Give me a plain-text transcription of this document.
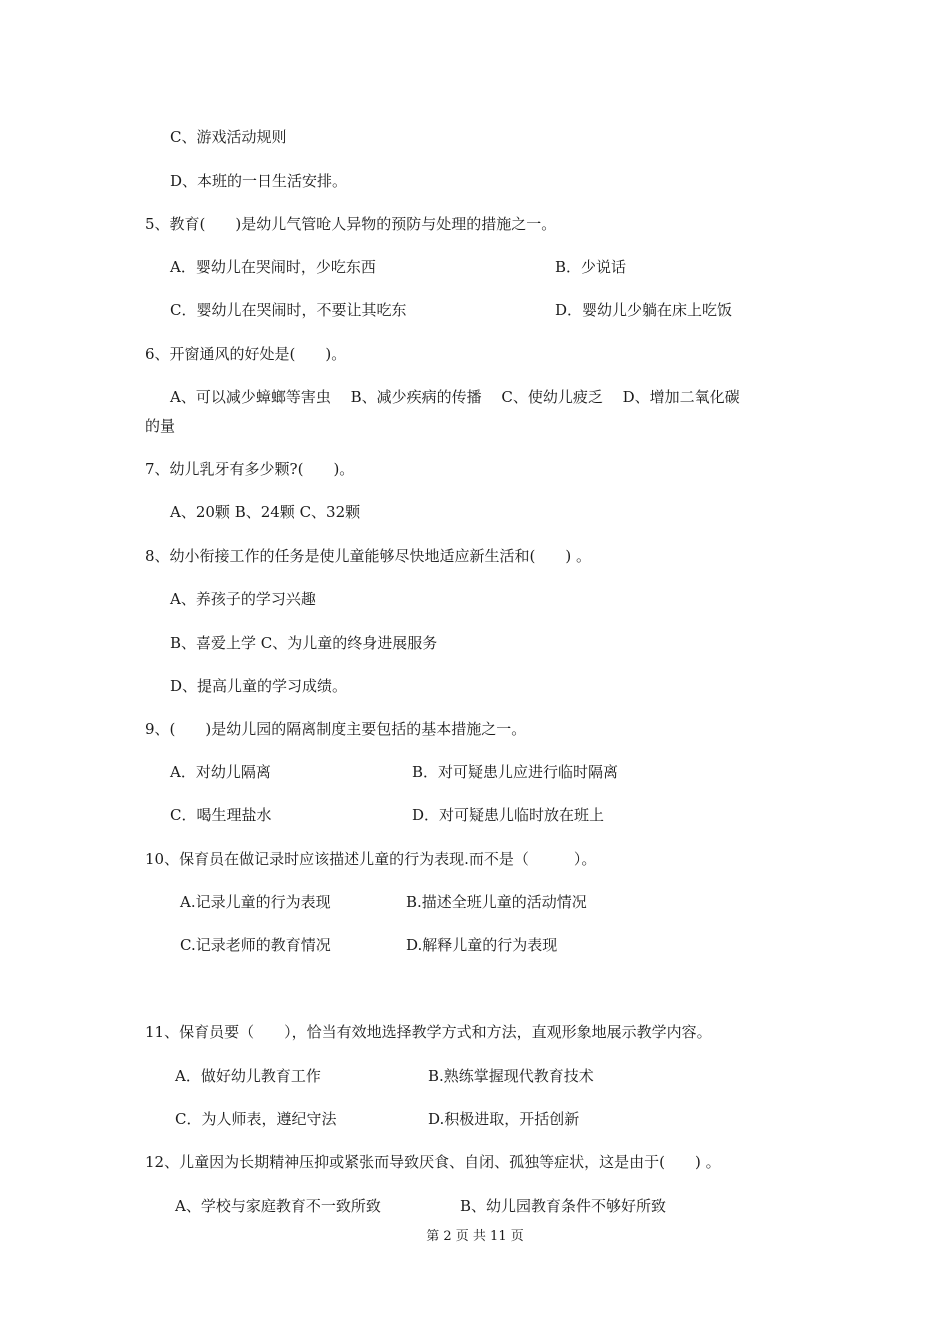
C、游戏活动规则
D、本班的一日生活安排。
5、教育(　　)是幼儿气管呛人异物的预防与处理的措施之一。
A．婴幼儿在哭闹时，少吃东西	B．少说话
C．婴幼儿在哭闹时，不要让其吃东	D．婴幼儿少躺在床上吃饭
6、开窗通风的好处是(　　)。
A、可以减少蟑螂等害虫　 B、减少疾病的传播　 C、使幼儿疲乏　 D、增加二氧化碳
的量
7、幼儿乳牙有多少颗?(　　)。
A、20颗 B、24颗 C、32颗
8、幼小衔接工作的任务是使儿童能够尽快地适应新生活和(　　) 。
A、养孩子的学习兴趣
B、喜爱上学 C、为儿童的终身进展服务
D、提高儿童的学习成绩。
9、(　　)是幼儿园的隔离制度主要包括的基本措施之一。
A．对幼儿隔离	B．对可疑患儿应进行临时隔离
C．喝生理盐水	D．对可疑患儿临时放在班上
10、保育员在做记录时应该描述儿童的行为表现.而不是（　　　）。
A.记录儿童的行为表现	B.描述全班儿童的活动情况
C.记录老师的教育情况	D.解释儿童的行为表现
11、保育员要（　　），恰当有效地选择教学方式和方法，直观形象地展示教学内容。
A．做好幼儿教育工作	B.熟练掌握现代教育技术
C．为人师表，遵纪守法	D.积极进取，开括创新
12、儿童因为长期精神压抑或紧张而导致厌食、自闭、孤独等症状，这是由于(　　) 。
A、学校与家庭教育不一致所致	B、幼儿园教育条件不够好所致
第 2 页 共 11 页
